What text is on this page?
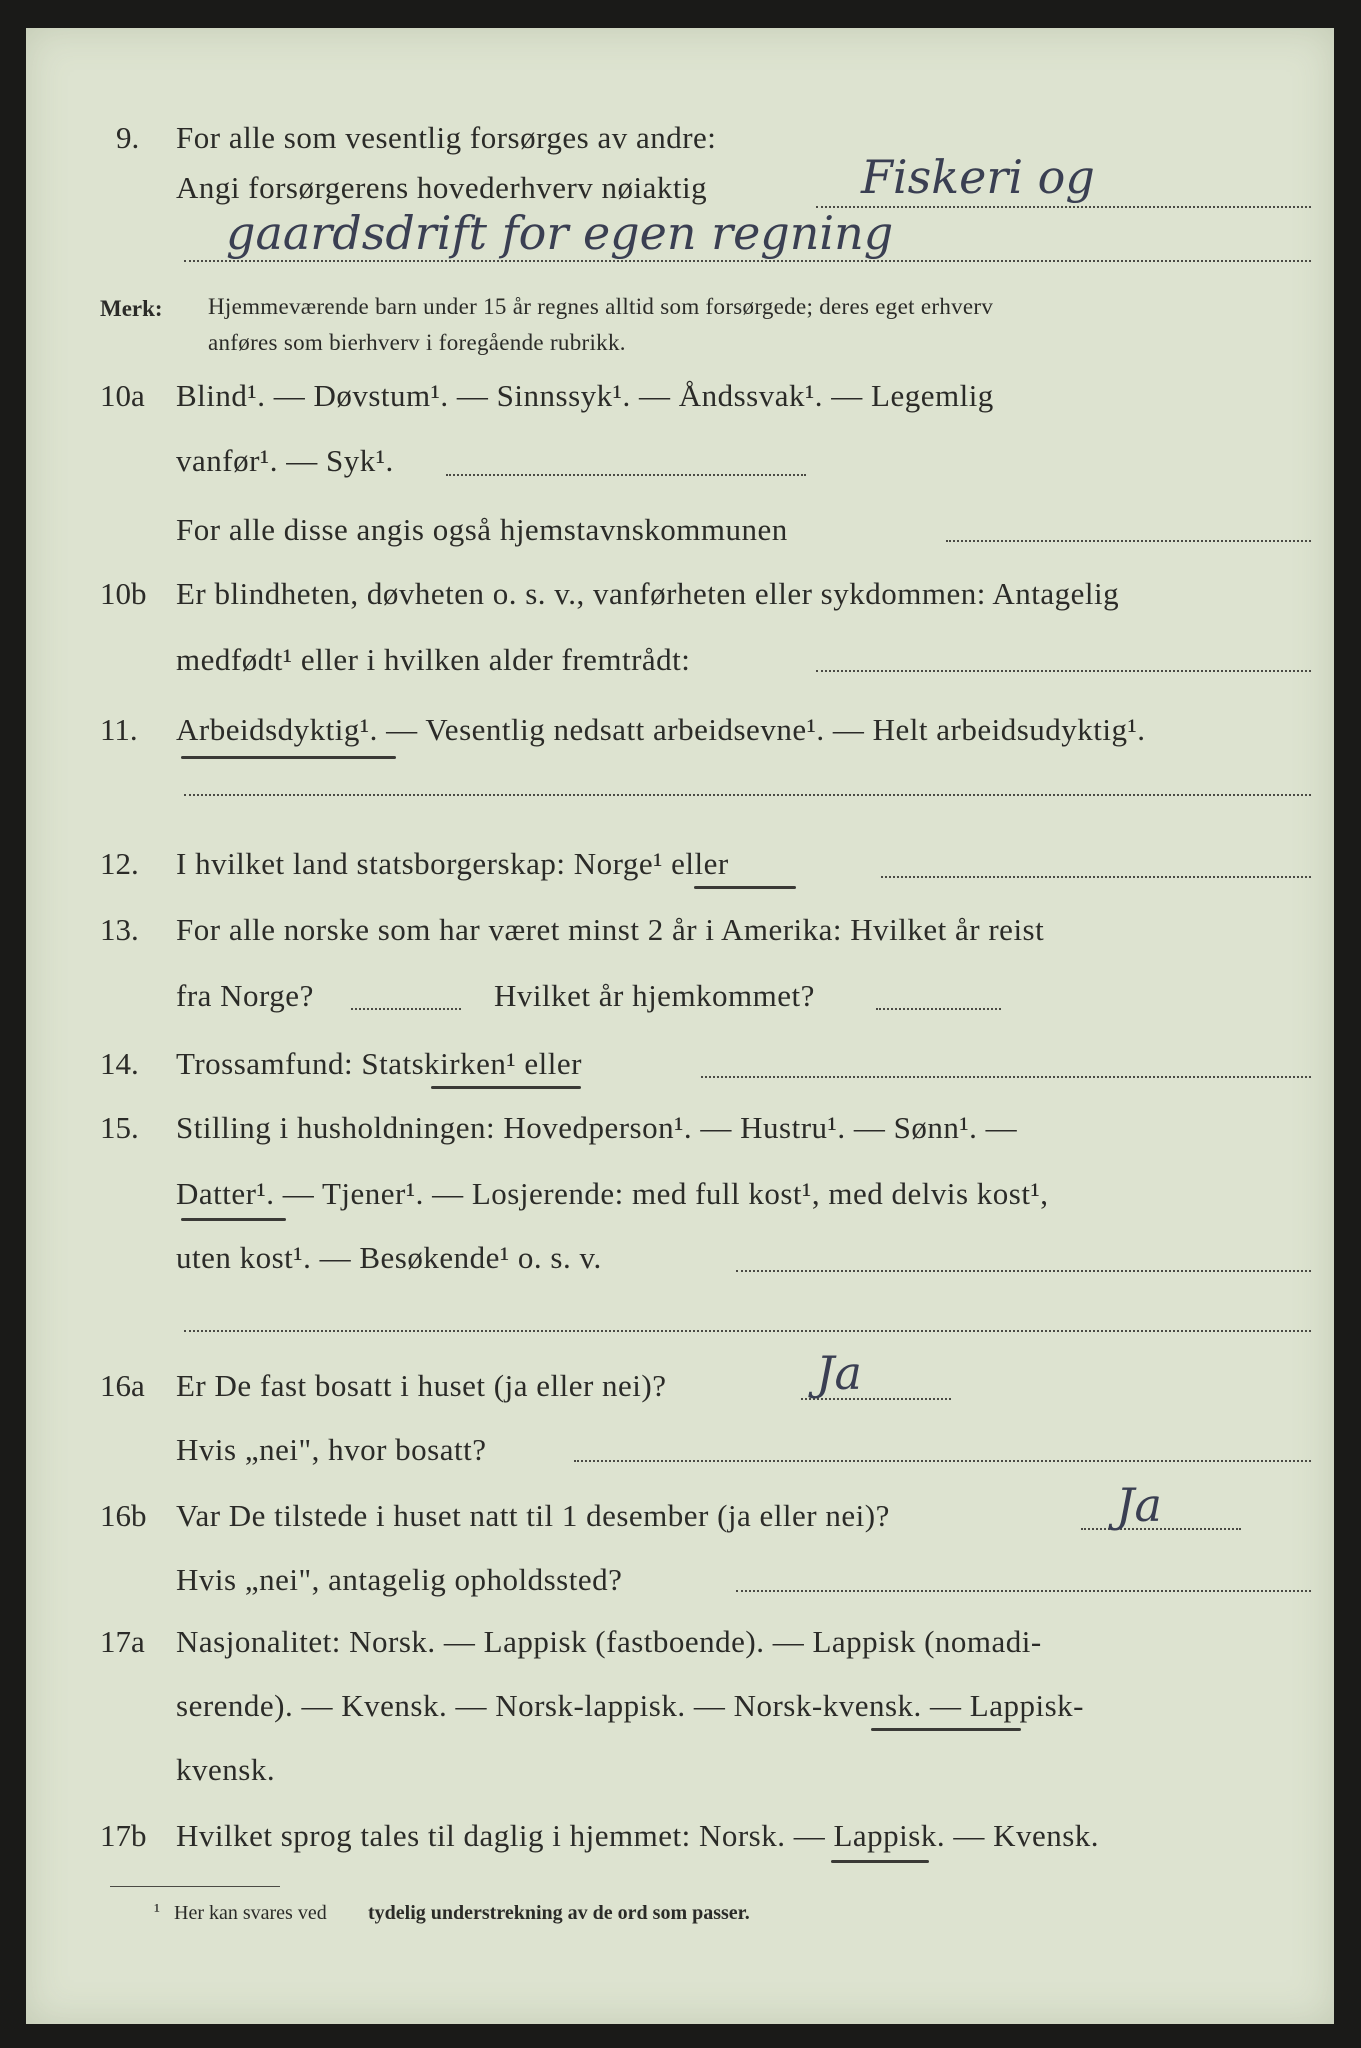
9. For alle som vesentlig forsørges av andre:
Angi forsørgerens hovederhverv nøiaktig	Fiskeri og
gaardsdrift for egen regning
Merk: Hjemmeværende barn under 15 år regnes alltid som forsørgede; deres eget erhverv
anføres som bierhverv i foregående rubrikk.
10a Blind¹. — Døvstum¹. — Sinnssyk¹. — Åndssvak¹. — Legemlig
vanfør¹. — Syk¹.
For alle disse angis også hjemstavnskommunen
10b Er blindheten, døvheten o. s. v., vanførheten eller sykdommen: Antagelig
medfødt¹ eller i hvilken alder fremtrådt:
11. Arbeidsdyktig¹. — Vesentlig nedsatt arbeidsevne¹. — Helt arbeidsudyktig¹.
12. I hvilket land statsborgerskap: Norge¹ eller
13. For alle norske som har været minst 2 år i Amerika: Hvilket år reist
fra Norge?	Hvilket år hjemkommet?
14. Trossamfund: Statskirken¹ eller
15. Stilling i husholdningen: Hovedperson¹. — Hustru¹. — Sønn¹. —
Datter¹. — Tjener¹. — Losjerende: med full kost¹, med delvis kost¹,
uten kost¹. — Besøkende¹ o. s. v.
16a Er De fast bosatt i huset (ja eller nei)?	Ja
Hvis „nei", hvor bosatt?
16b Var De tilstede i huset natt til 1 desember (ja eller nei)?	Ja
Hvis „nei", antagelig opholdssted?
17a Nasjonalitet: Norsk. — Lappisk (fastboende). — Lappisk (nomadi-
serende). — Kvensk. — Norsk-lappisk. — Norsk-kvensk. — Lappisk-
kvensk.
17b Hvilket sprog tales til daglig i hjemmet: Norsk. — Lappisk. — Kvensk.
¹ Her kan svares ved tydelig understrekning av de ord som passer.
